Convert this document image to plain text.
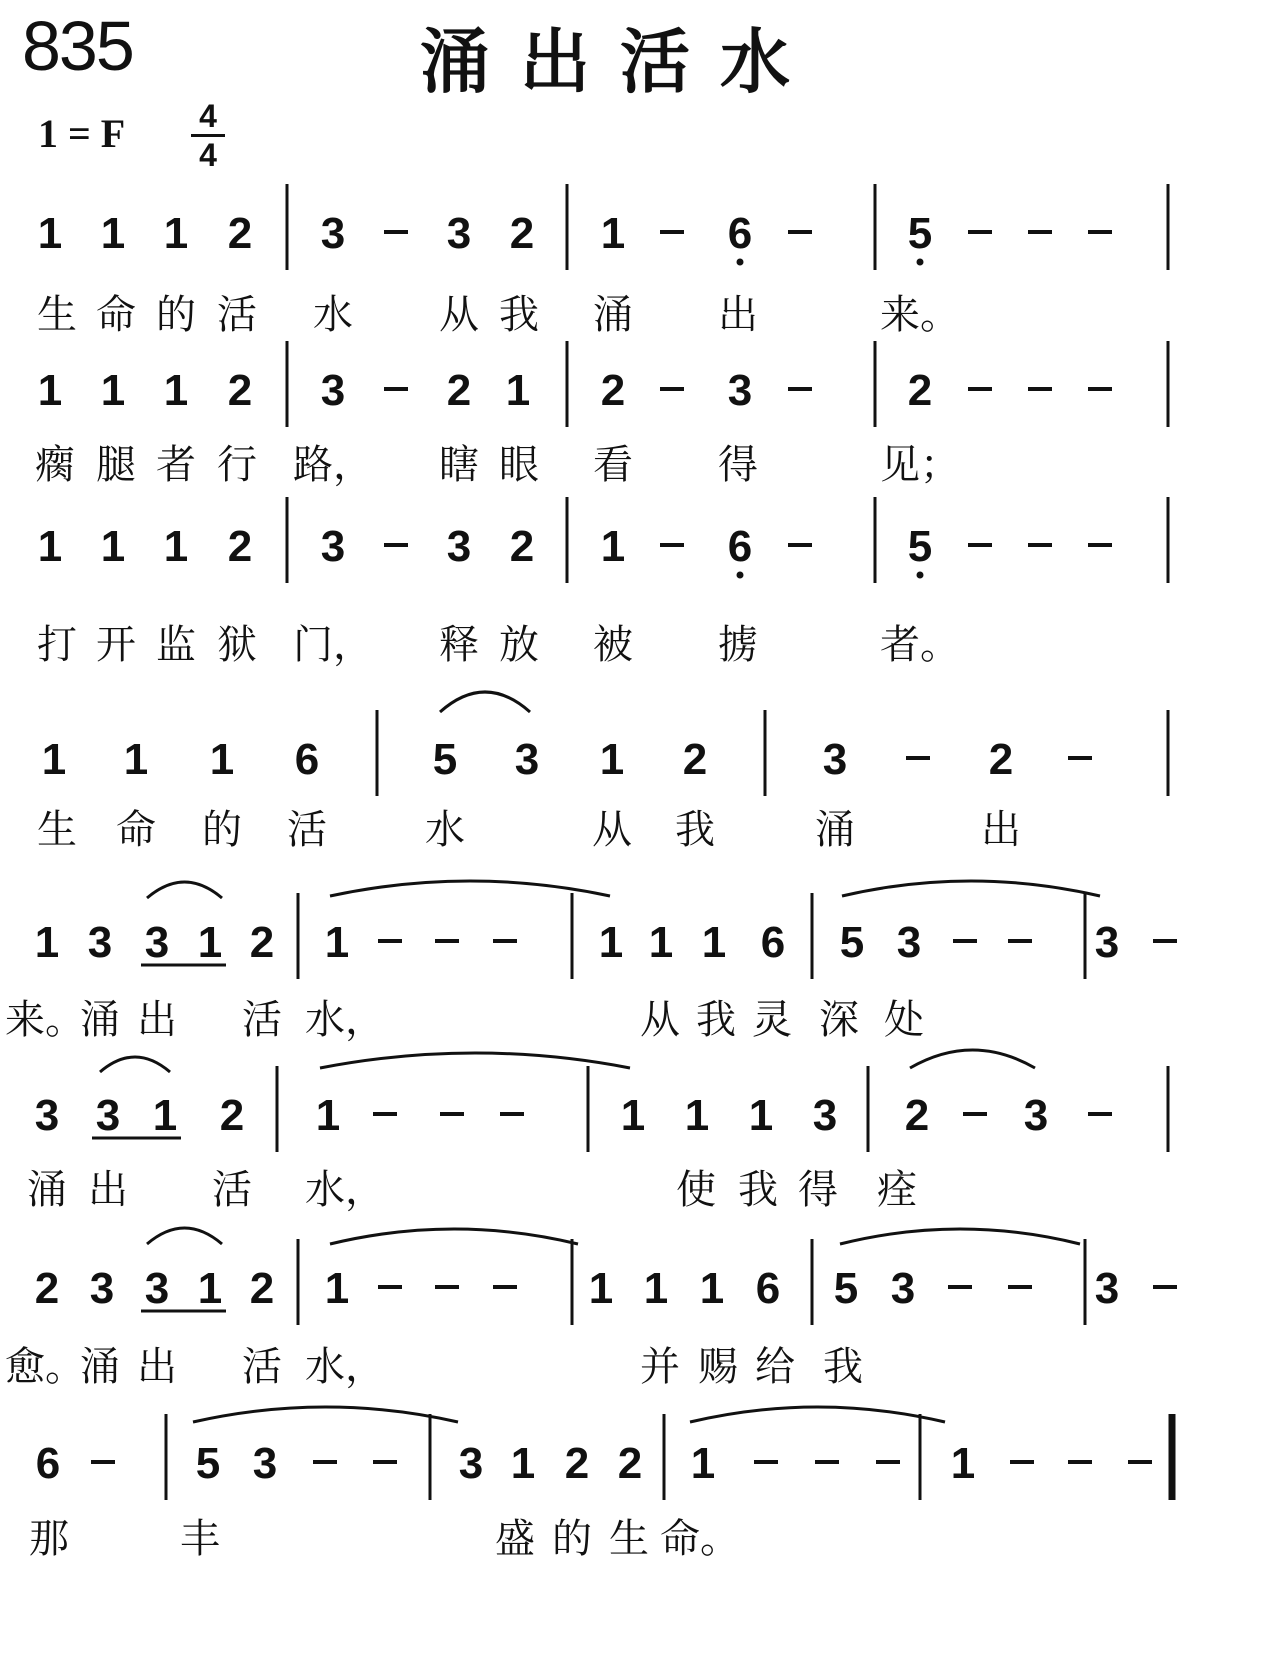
835	涌出活水
1 = F 4
4
1 1 1 2 3 3 2 1 6	5
生 命 的 活 水 从 我 涌 出	来。
1 1 1 2 3 2 1 2 3	2
瘸 腿 者 行 路， 瞎 眼 看 得	见；
1 1 1 2 3 3 2 1 6	5
打 开 监 狱 门， 释 放 被 掳	者。
1 1 1 6	5 3 1 2	3	2
生 命 的 活 水	从 我	涌	出
1 3 3 1 2 1	1 1 1 6 5 3	3
来。
涌 出 活 水，	从 我 灵 深 处
3 3 1 2 1	1 1 1 3 2 3
涌 出 活 水，	使 我 得 痊
2 3 3 1 2 1	1 1 1 6 5 3	3
愈。
涌 出 活 水，	并 赐 给 我
6	5 3	3 1 2 2 1	1
那	丰	盛 的 生 命。
